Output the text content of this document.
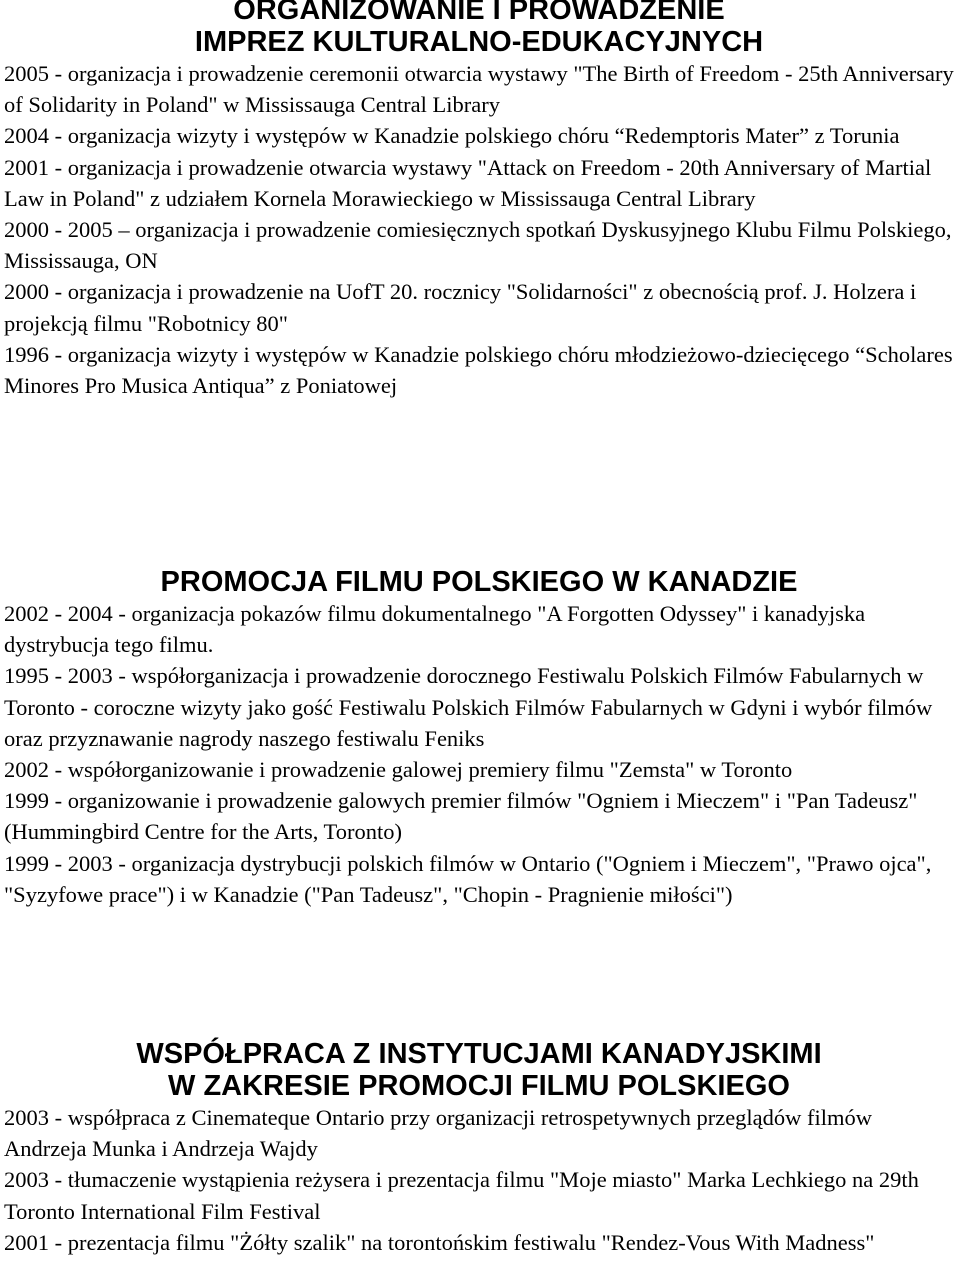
ORGANIZOWANIE I PROWADZENIE
IMPREZ KULTURALNO-EDUKACYJNYCH
2005 - organizacja i prowadzenie ceremonii otwarcia wystawy "The Birth of Freedom - 25th Anniversary of Solidarity in Poland" w Mississauga Central Library
2004 - organizacja wizyty i występów w Kanadzie polskiego chóru “Redemptoris Mater” z Torunia
2001 - organizacja i prowadzenie otwarcia wystawy "Attack on Freedom - 20th Anniversary of Martial Law in Poland" z udziałem Kornela Morawieckiego w Mississauga Central Library
2000 - 2005 – organizacja i prowadzenie comiesięcznych spotkań Dyskusyjnego Klubu Filmu Polskiego, Mississauga, ON
2000 - organizacja i prowadzenie na UofT 20. rocznicy "Solidarności" z obecnością prof. J. Holzera i projekcją filmu "Robotnicy 80"
1996 - organizacja wizyty i występów w Kanadzie polskiego chóru młodzieżowo-dziecięcego “Scholares Minores Pro Musica Antiqua” z Poniatowej
PROMOCJA FILMU POLSKIEGO W KANADZIE
2002 - 2004 - organizacja pokazów filmu dokumentalnego "A Forgotten Odyssey" i kanadyjska dystrybucja tego filmu.
1995 - 2003 - współorganizacja i prowadzenie dorocznego Festiwalu Polskich Filmów Fabularnych w Toronto - coroczne wizyty jako gość Festiwalu Polskich Filmów Fabularnych w Gdyni i wybór filmów oraz przyznawanie nagrody naszego festiwalu Feniks
2002 - współorganizowanie i prowadzenie galowej premiery filmu "Zemsta" w Toronto
1999 - organizowanie i prowadzenie galowych premier filmów "Ogniem i Mieczem" i "Pan Tadeusz" (Hummingbird Centre for the Arts, Toronto)
1999 - 2003 - organizacja dystrybucji polskich filmów w Ontario ("Ogniem i Mieczem", "Prawo ojca", "Syzyfowe prace") i w Kanadzie ("Pan Tadeusz", "Chopin - Pragnienie miłości")
WSPÓŁPRACA Z INSTYTUCJAMI KANADYJSKIMI
W ZAKRESIE PROMOCJI FILMU POLSKIEGO
2003 - współpraca z Cinemateque Ontario przy organizacji retrospetywnych przeglądów filmów Andrzeja Munka i Andrzeja Wajdy
2003 - tłumaczenie wystąpienia reżysera i prezentacja filmu "Moje miasto" Marka Lechkiego na 29th Toronto International Film Festival
2001 - prezentacja filmu "Żółty szalik" na torontońskim festiwalu "Rendez-Vous With Madness"
